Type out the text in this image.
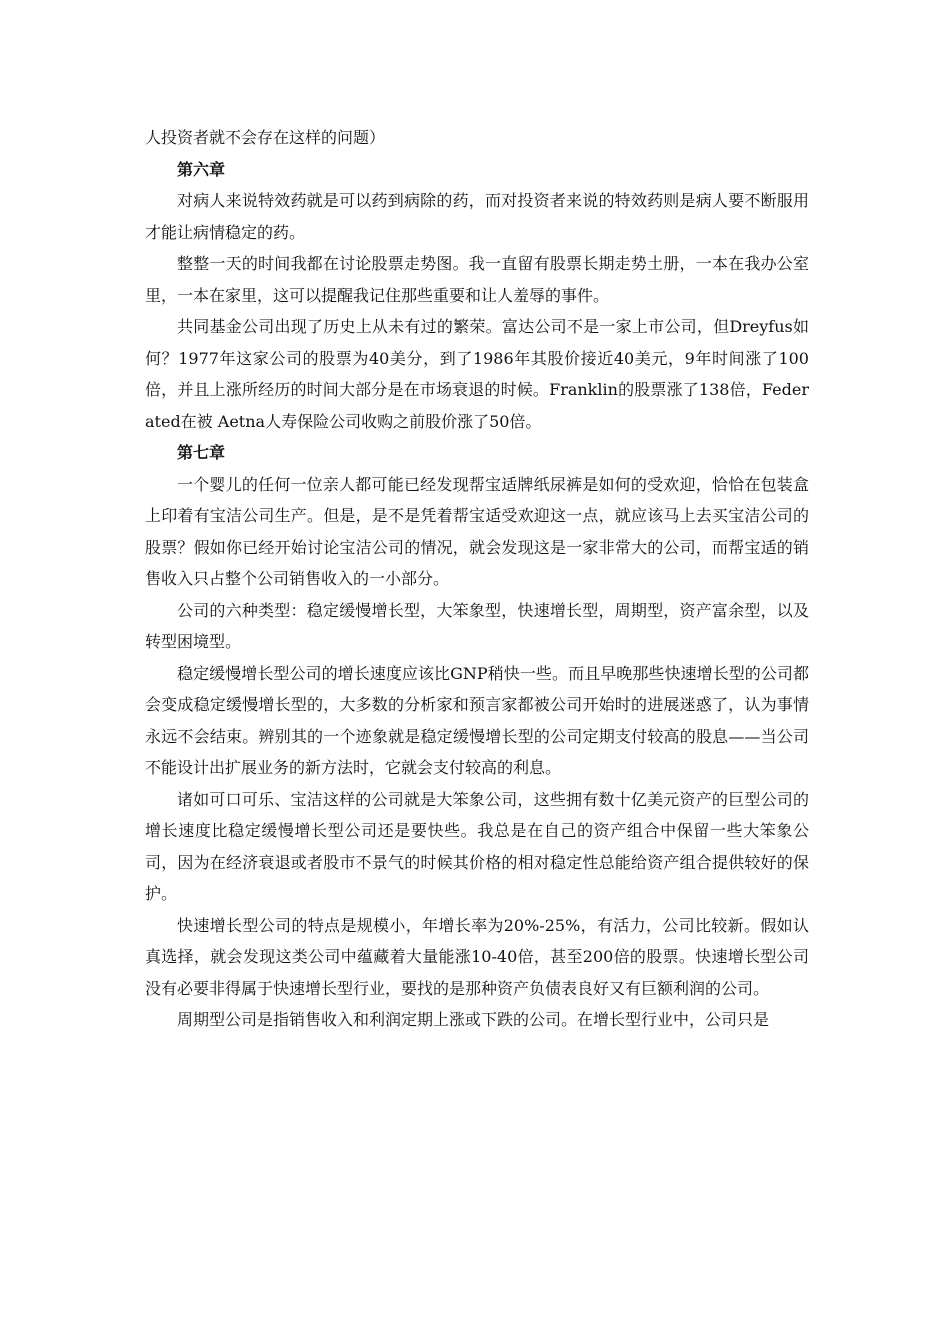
人投资者就不会存在这样的问题）

第六章

对病人来说特效药就是可以药到病除的药，而对投资者来说的特效药则是病人要不断服用才能让病情稳定的药。

整整一天的时间我都在讨论股票走势图。我一直留有股票长期走势土册，一本在我办公室里，一本在家里，这可以提醒我记住那些重要和让人羞辱的事件。

共同基金公司出现了历史上从未有过的繁荣。富达公司不是一家上市公司，但Dreyfus如何？1977年这家公司的股票为40美分，到了1986年其股价接近40美元，9年时间涨了100倍，并且上涨所经历的时间大部分是在市场衰退的时候。Franklin的股票涨了138倍，Federated在被 Aetna人寿保险公司收购之前股价涨了50倍。

第七章

一个婴儿的任何一位亲人都可能已经发现帮宝适牌纸尿裤是如何的受欢迎，恰恰在包装盒上印着有宝洁公司生产。但是，是不是凭着帮宝适受欢迎这一点，就应该马上去买宝洁公司的股票？假如你已经开始讨论宝洁公司的情况，就会发现这是一家非常大的公司，而帮宝适的销售收入只占整个公司销售收入的一小部分。

公司的六种类型：稳定缓慢增长型，大笨象型，快速增长型，周期型，资产富余型，以及转型困境型。

稳定缓慢增长型公司的增长速度应该比GNP稍快一些。而且早晚那些快速增长型的公司都会变成稳定缓慢增长型的，大多数的分析家和预言家都被公司开始时的进展迷惑了，认为事情永远不会结束。辨别其的一个迹象就是稳定缓慢增长型的公司定期支付较高的股息——当公司不能设计出扩展业务的新方法时，它就会支付较高的利息。

诸如可口可乐、宝洁这样的公司就是大笨象公司，这些拥有数十亿美元资产的巨型公司的增长速度比稳定缓慢增长型公司还是要快些。我总是在自己的资产组合中保留一些大笨象公司，因为在经济衰退或者股市不景气的时候其价格的相对稳定性总能给资产组合提供较好的保护。

快速增长型公司的特点是规模小，年增长率为20%-25%，有活力，公司比较新。假如认真选择，就会发现这类公司中蕴藏着大量能涨10-40倍，甚至200倍的股票。快速增长型公司没有必要非得属于快速增长型行业，要找的是那种资产负债表良好又有巨额利润的公司。

周期型公司是指销售收入和利润定期上涨或下跌的公司。在增长型行业中，公司只是
